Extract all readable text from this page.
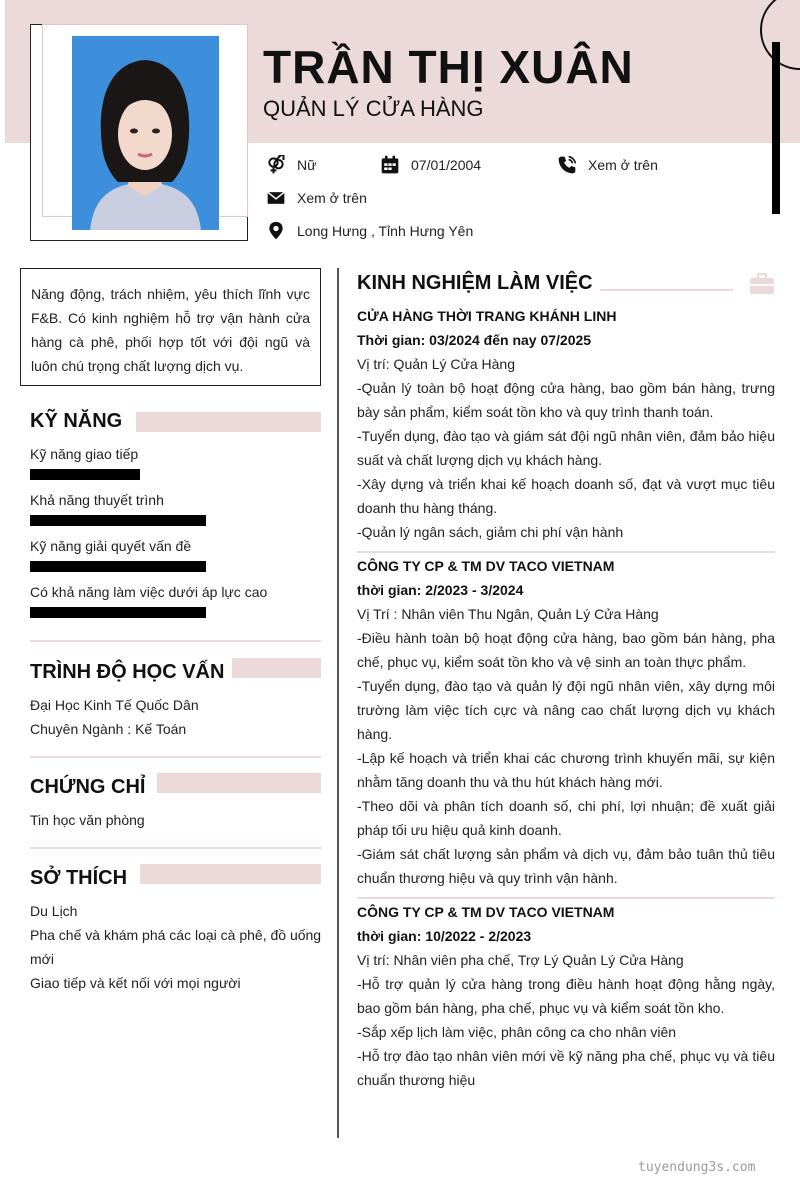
TRẦN THỊ XUÂN
QUẢN LÝ CỬA HÀNG
Nữ	07/01/2004	Xem ở trên
Xem ở trên
Long Hưng , Tỉnh Hưng Yên
Năng động, trách nhiệm, yêu thích lĩnh vực F&B. Có kinh nghiệm hỗ trợ vận hành cửa hàng cà phê, phối hợp tốt với đội ngũ và luôn chú trọng chất lượng dịch vụ.
KỸ NĂNG
Kỹ năng giao tiếp
Khả năng thuyết trình
Kỹ năng giải quyết vấn đề
Có khả năng làm việc dưới áp lực cao
TRÌNH ĐỘ HỌC VẤN
Đại Học Kinh Tế Quốc Dân
Chuyên Ngành : Kế Toán
CHỨNG CHỈ
Tin học văn phòng
SỞ THÍCH
Du Lịch
Pha chế và khám phá các loại cà phê, đồ uống mới
Giao tiếp và kết nối với mọi người
KINH NGHIỆM LÀM VIỆC
CỬA HÀNG THỜI TRANG KHÁNH LINH
Thời gian: 03/2024 đến nay 07/2025
Vị trí: Quản Lý Cửa Hàng
-Quản lý toàn bộ hoạt động cửa hàng, bao gồm bán hàng, trưng bày sản phẩm, kiểm soát tồn kho và quy trình thanh toán.
-Tuyển dụng, đào tạo và giám sát đội ngũ nhân viên, đảm bảo hiệu suất và chất lượng dịch vụ khách hàng.
-Xây dựng và triển khai kế hoạch doanh số, đạt và vượt mục tiêu doanh thu hàng tháng.
-Quản lý ngân sách, giảm chi phí vận hành
CÔNG TY CP & TM DV TACO VIETNAM
thời gian: 2/2023 - 3/2024
Vị Trí : Nhân viên Thu Ngân, Quản Lý Cửa Hàng
-Điều hành toàn bộ hoạt động cửa hàng, bao gồm bán hàng, pha chế, phục vụ, kiểm soát tồn kho và vệ sinh an toàn thực phẩm.
-Tuyển dụng, đào tạo và quản lý đội ngũ nhân viên, xây dựng môi trường làm việc tích cực và nâng cao chất lượng dịch vụ khách hàng.
-Lập kế hoạch và triển khai các chương trình khuyến mãi, sự kiện nhằm tăng doanh thu và thu hút khách hàng mới.
-Theo dõi và phân tích doanh số, chi phí, lợi nhuận; đề xuất giải pháp tối ưu hiệu quả kinh doanh.
-Giám sát chất lượng sản phẩm và dịch vụ, đảm bảo tuân thủ tiêu chuẩn thương hiệu và quy trình vận hành.
CÔNG TY CP & TM DV TACO VIETNAM
thời gian: 10/2022 - 2/2023
Vị trí: Nhân viên pha chế, Trợ Lý Quản Lý Cửa Hàng
-Hỗ trợ quản lý cửa hàng trong điều hành hoạt động hằng ngày, bao gồm bán hàng, pha chế, phục vụ và kiểm soát tồn kho.
-Sắp xếp lịch làm việc, phân công ca cho nhân viên
-Hỗ trợ đào tạo nhân viên mới về kỹ năng pha chế, phục vụ và tiêu chuẩn thương hiệu
tuyendung3s.com
